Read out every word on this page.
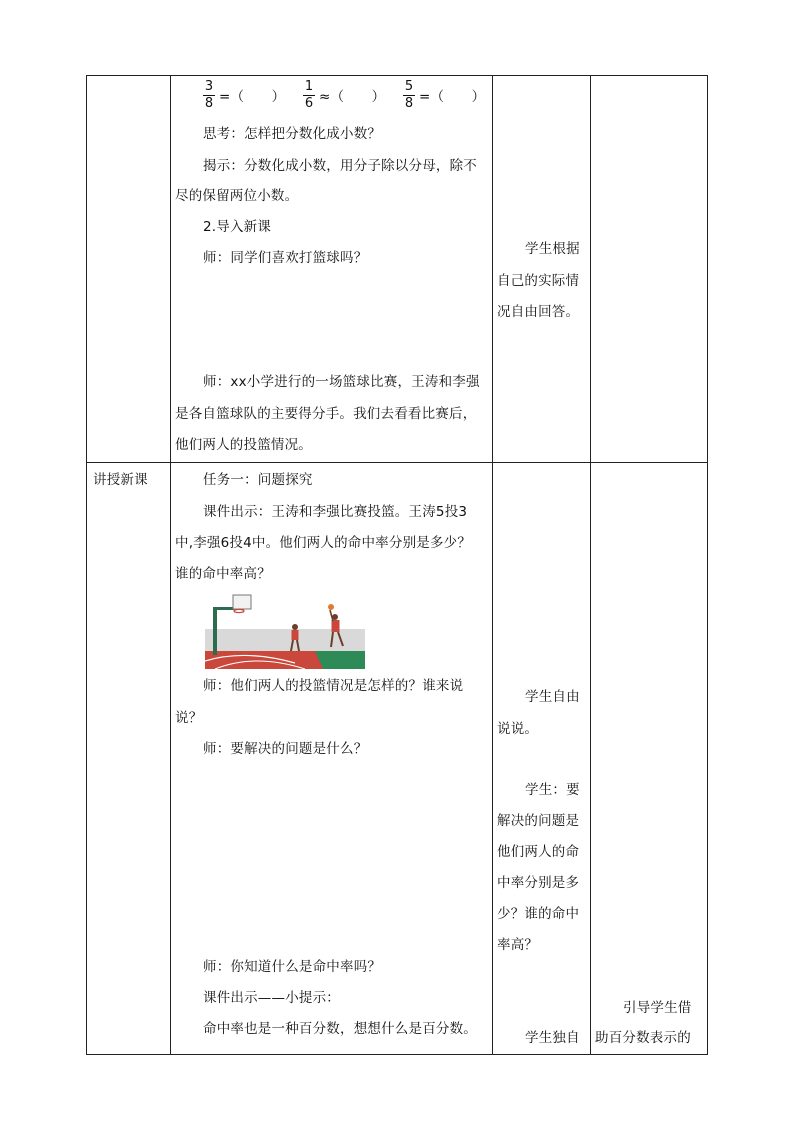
3
8 =（　　）
1
6 ≈（　　）
5
8 =（　　）
思考：怎样把分数化成小数？
揭示：分数化成小数，用分子除以分母，除不
尽的保留两位小数。
2.导入新课
师：同学们喜欢打篮球吗？
师：xx小学进行的一场篮球比赛，王涛和李强
是各自篮球队的主要得分手。我们去看看比赛后，
他们两人的投篮情况。
学生根据
自己的实际情
况自由回答。
讲授新课	任务一：问题探究
课件出示：王涛和李强比赛投篮。王涛5投3
中,李强6投4中。他们两人的命中率分别是多少？
谁的命中率高？
师：他们两人的投篮情况是怎样的？谁来说
说？
师：要解决的问题是什么？
师：你知道什么是命中率吗？
课件出示——小提示：
命中率也是一种百分数，想想什么是百分数。
学生自由
说说。
学生：要
解决的问题是
他们两人的命
中率分别是多
少？谁的命中
率高？
学生独自
引导学生借
助百分数表示的
